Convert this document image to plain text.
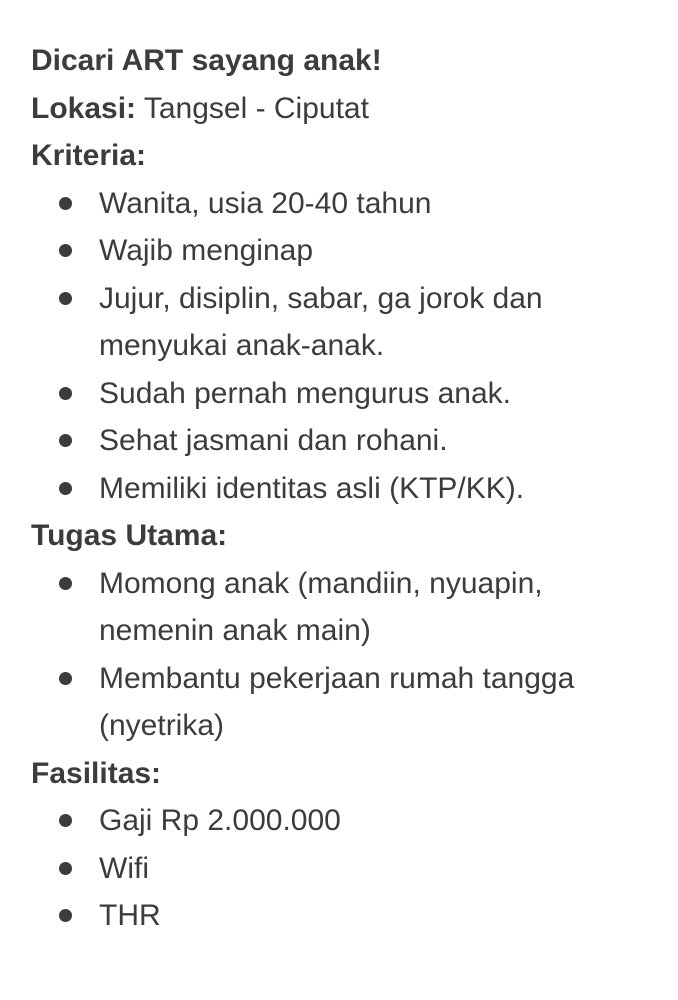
Dicari ART sayang anak!
Lokasi: Tangsel - Ciputat
Kriteria:
Wanita, usia 20-40 tahun
Wajib menginap
Jujur, disiplin, sabar, ga jorok dan menyukai anak-anak.
Sudah pernah mengurus anak.
Sehat jasmani dan rohani.
Memiliki identitas asli (KTP/KK).
Tugas Utama:
Momong anak (mandiin, nyuapin, nemenin anak main)
Membantu pekerjaan rumah tangga (nyetrika)
Fasilitas:
Gaji Rp 2.000.000
Wifi
THR
